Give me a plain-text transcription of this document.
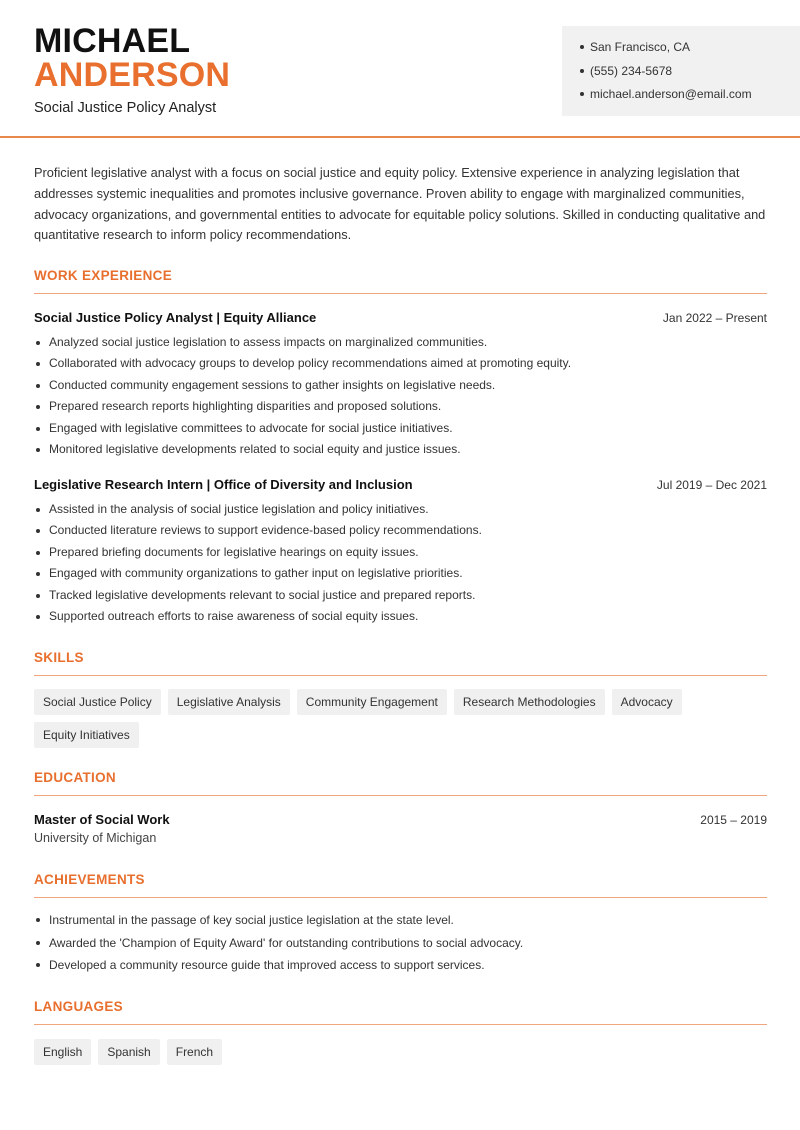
MICHAEL
ANDERSON
Social Justice Policy Analyst
San Francisco, CA
(555) 234-5678
michael.anderson@email.com

Proficient legislative analyst with a focus on social justice and equity policy. Extensive experience in analyzing legislation that addresses systemic inequalities and promotes inclusive governance. Proven ability to engage with marginalized communities, advocacy organizations, and governmental entities to advocate for equitable policy solutions. Skilled in conducting qualitative and quantitative research to inform policy recommendations.

WORK EXPERIENCE
Social Justice Policy Analyst | Equity Alliance	Jan 2022 – Present
Analyzed social justice legislation to assess impacts on marginalized communities.
Collaborated with advocacy groups to develop policy recommendations aimed at promoting equity.
Conducted community engagement sessions to gather insights on legislative needs.
Prepared research reports highlighting disparities and proposed solutions.
Engaged with legislative committees to advocate for social justice initiatives.
Monitored legislative developments related to social equity and justice issues.
Legislative Research Intern | Office of Diversity and Inclusion	Jul 2019 – Dec 2021
Assisted in the analysis of social justice legislation and policy initiatives.
Conducted literature reviews to support evidence-based policy recommendations.
Prepared briefing documents for legislative hearings on equity issues.
Engaged with community organizations to gather input on legislative priorities.
Tracked legislative developments relevant to social justice and prepared reports.
Supported outreach efforts to raise awareness of social equity issues.
SKILLS
Social Justice Policy	Legislative Analysis	Community Engagement	Research Methodologies	Advocacy
Equity Initiatives
EDUCATION
Master of Social Work	2015 – 2019
University of Michigan
ACHIEVEMENTS
Instrumental in the passage of key social justice legislation at the state level.
Awarded the 'Champion of Equity Award' for outstanding contributions to social advocacy.
Developed a community resource guide that improved access to support services.
LANGUAGES
English	Spanish	French
